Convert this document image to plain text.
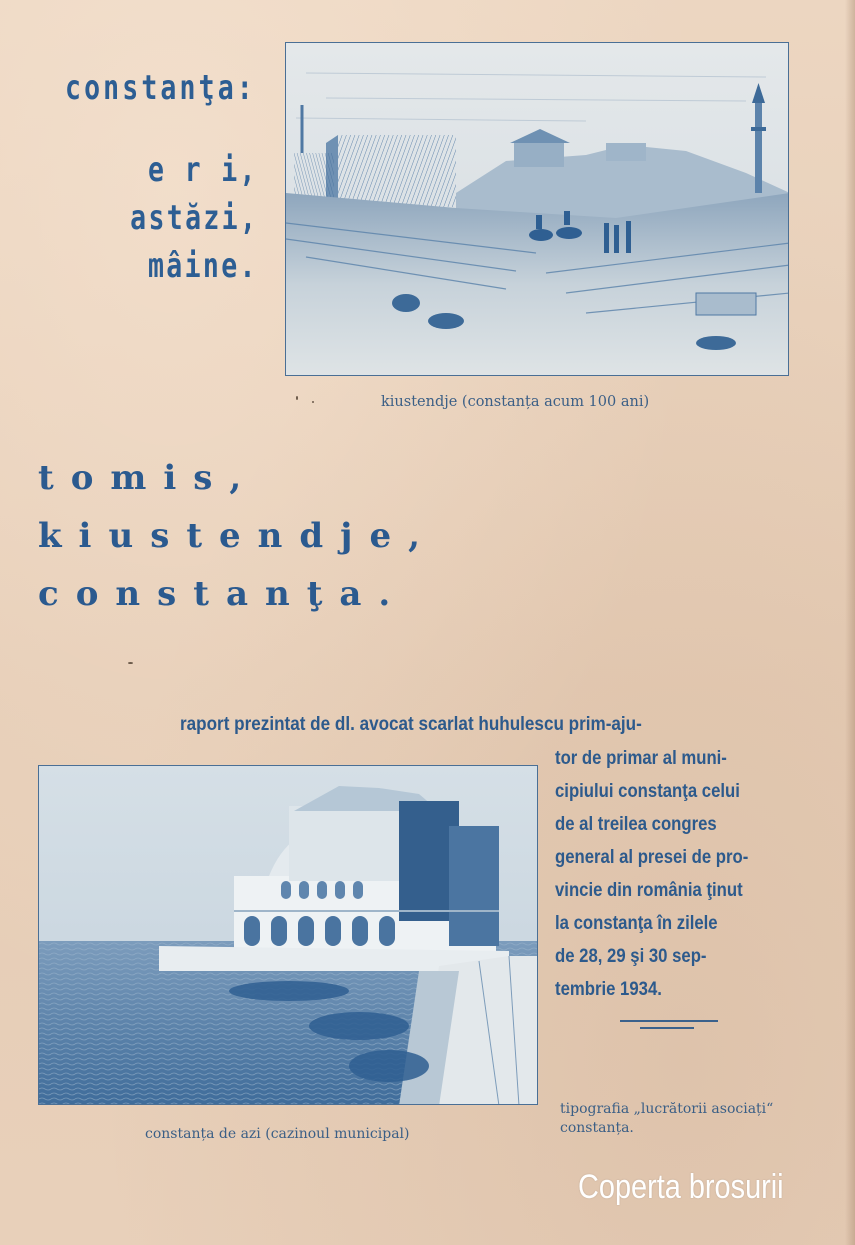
constanţa:
e r i,
astăzi,
mâine.
kiustendje (constanța acum 100 ani)
tomis,
kiustendje,
constanţa.
raport prezintat de dl. avocat scarlat huhulescu prim-aju-
tor de primar al muni-
cipiului constanţa celui
de al treilea congres
general al presei de pro-
vincie din românia ţinut
la constanţa în zilele
de 28, 29 şi 30 sep-
tembrie 1934.
constanța de azi (cazinoul municipal)
tipografia „lucrătorii asociați“
constanța.
Coperta brosurii
